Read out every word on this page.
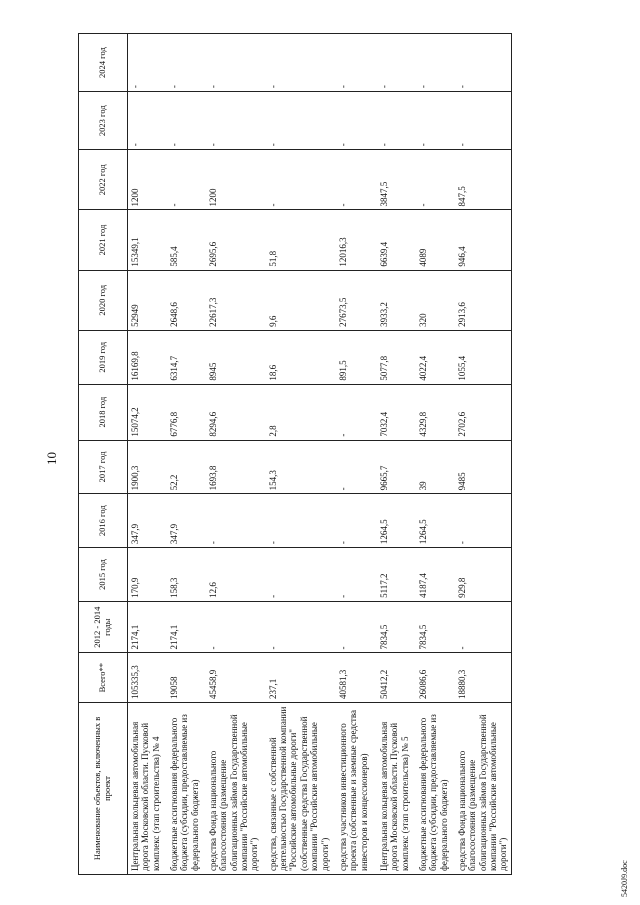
10
Наименование объектов, включенных в проект	Всего**	2012 - 2014 годы	2015 год	2016 год	2017 год	2018 год	2019 год	2020 год	2021 год	2022 год	2023 год	2024 год
Центральная кольцевая автомобильная дорога Московской области. Пусковой комплекс (этап строительства) № 4	105335,3	2174,1	170,9	347,9	1900,3	15074,2	16169,8	52949	15349,1	1200	-	-
бюджетные ассигнования федерального бюджета (субсидии, предоставляемые из федерального бюджета)	19058	2174,1	158,3	347,9	52,2	6776,8	6314,7	2648,6	585,4	-	-	-
средства Фонда национального благосостояния (размещение облигационных займов Государственной компании "Российские автомобильные дороги")	45458,9	-	12,6	-	1693,8	8294,6	8945	22617,3	2695,6	1200	-	-
средства, связанные с собственной деятельностью Государственной компании "Российские автомобильные дороги" (собственные средства Государственной компании "Российские автомобильные дороги")	237,1	-	-	-	154,3	2,8	18,6	9,6	51,8	-	-	-
средства участников инвестиционного проекта (собственные и заемные средства инвесторов и концессионеров)	40581,3	-	-	-	-	-	891,5	27673,5	12016,3	-	-	-
Центральная кольцевая автомобильная дорога Московской области. Пусковой комплекс (этап строительства) № 5	50412,2	7834,5	5117,2	1264,5	9665,7	7032,4	5077,8	3933,2	6639,4	3847,5	-	-
бюджетные ассигнования федерального бюджета (субсидии, предоставляемые из федерального бюджета)	26086,6	7834,5	4187,4	1264,5	39	4329,8	4022,4	320	4089	-	-	-
средства Фонда национального благосостояния (размещение облигационных займов Государственной компании "Российские автомобильные дороги")	18880,3	-	929,8	-	9485	2702,6	1055,4	2913,6	946,4	847,5	-	-
5420J9.doc
